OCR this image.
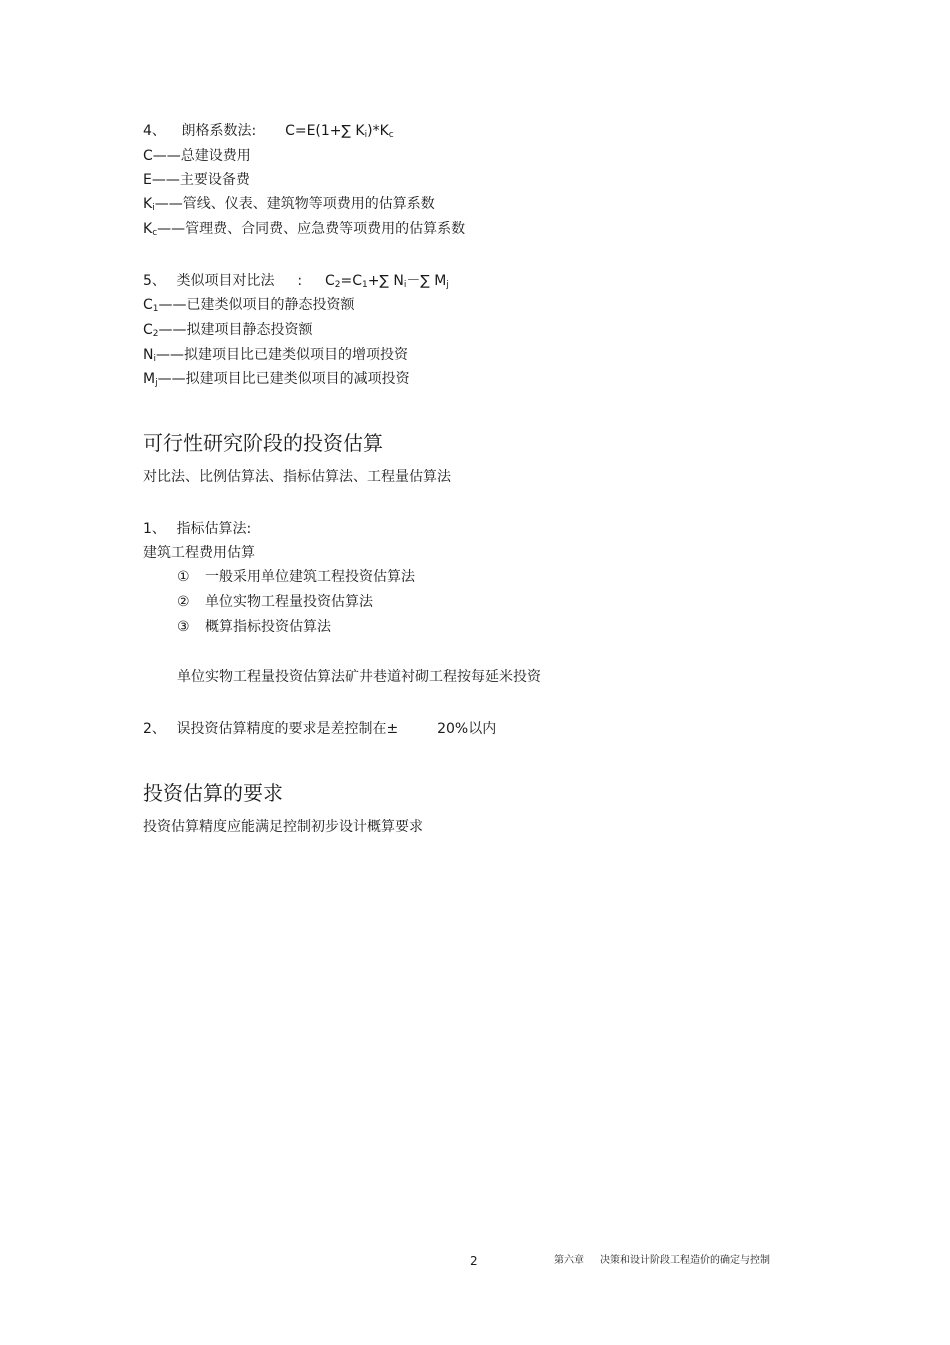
4、 朗格系数法: C=E(1+∑ $K_i)*K_c$
C——总建设费用
E——主要设备费
$K_i——$管线、仪表、建筑物等项费用的估算系数
$K_c——$管理费、合同费、应急费等项费用的估算系数
5、 类似项目对比法 : $C_2=C_1+\sum$ $N_i-\sum$ $M_j$
$C_1——$已建类似项目的静态投资额
$C_2——$拟建项目静态投资额
$N_i——$拟建项目比已建类似项目的增项投资
$M_j——$拟建项目比已建类似项目的减项投资
可行性研究阶段的投资估算
对比法、比例估算法、指标估算法、工程量估算法
1、 指标估算法:
建筑工程费用估算
① 一般采用单位建筑工程投资估算法
② 单位实物工程量投资估算法
③ 概算指标投资估算法
单位实物工程量投资估算法矿井巷道衬砌工程按每延米投资
2、 误投资估算精度的要求是差控制在±	20%以内
投资估算的要求
投资估算精度应能满足控制初步设计概算要求
2	第六章 决策和设计阶段工程造价的确定与控制
